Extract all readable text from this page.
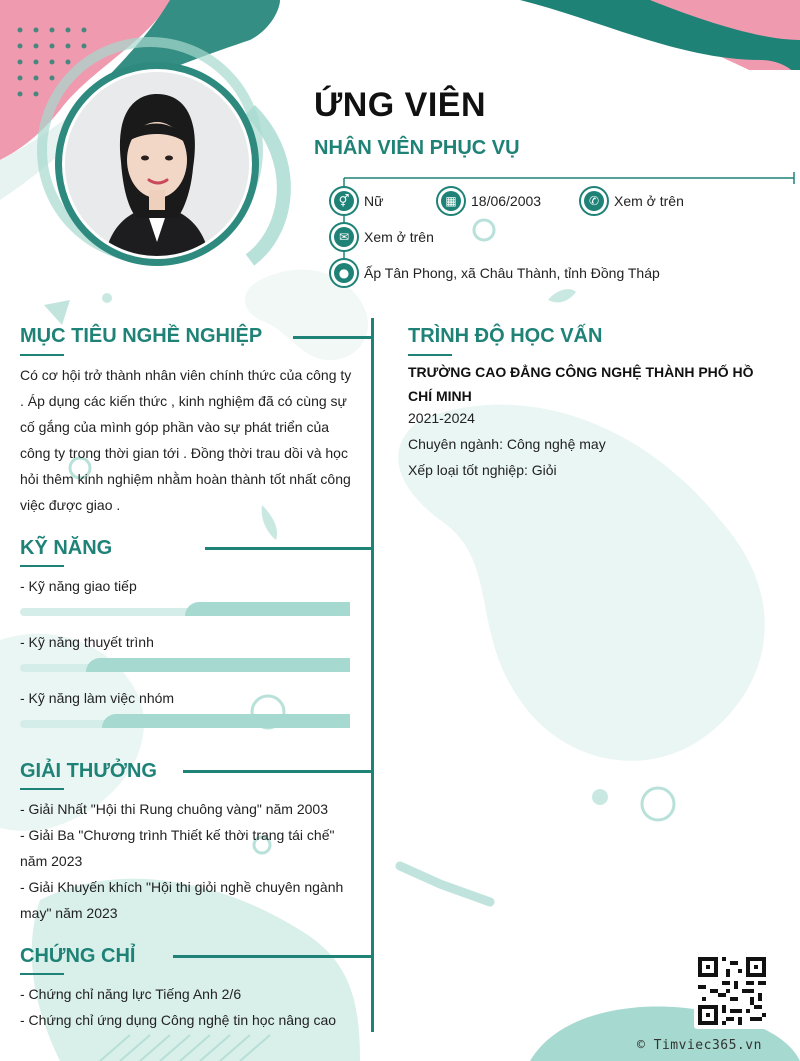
ỨNG VIÊN
NHÂN VIÊN PHỤC VỤ
⚥	Nữ	▦	18/06/2003	✆	Xem ở trên
✉	Xem ở trên
●	Ấp Tân Phong, xã Châu Thành, tỉnh Đồng Tháp
MỤC TIÊU NGHỀ NGHIỆP
Có cơ hội trở thành nhân viên chính thức của công ty
. Áp dụng các kiến thức , kinh nghiệm đã có cùng sự
cố gắng của mình góp phần vào sự phát triển của
công ty trong thời gian tới . Đồng thời trau dồi và học
hỏi thêm kinh nghiệm nhằm hoàn thành tốt nhất công
việc được giao .
KỸ NĂNG
- Kỹ năng giao tiếp
- Kỹ năng thuyết trình
- Kỹ năng làm việc nhóm
GIẢI THƯỞNG
- Giải Nhất "Hội thi Rung chuông vàng" năm 2003
- Giải Ba "Chương trình Thiết kế thời trang tái chế"
năm 2023
- Giải Khuyến khích "Hội thi giỏi nghề chuyên ngành
may" năm 2023
CHỨNG CHỈ
- Chứng chỉ năng lực Tiếng Anh 2/6
- Chứng chỉ ứng dụng Công nghệ tin học nâng cao
TRÌNH ĐỘ HỌC VẤN
TRƯỜNG CAO ĐẲNG CÔNG NGHỆ THÀNH PHỐ HỒ CHÍ MINH
2021-2024
Chuyên ngành: Công nghệ may
Xếp loại tốt nghiệp: Giỏi
© Timviec365.vn
